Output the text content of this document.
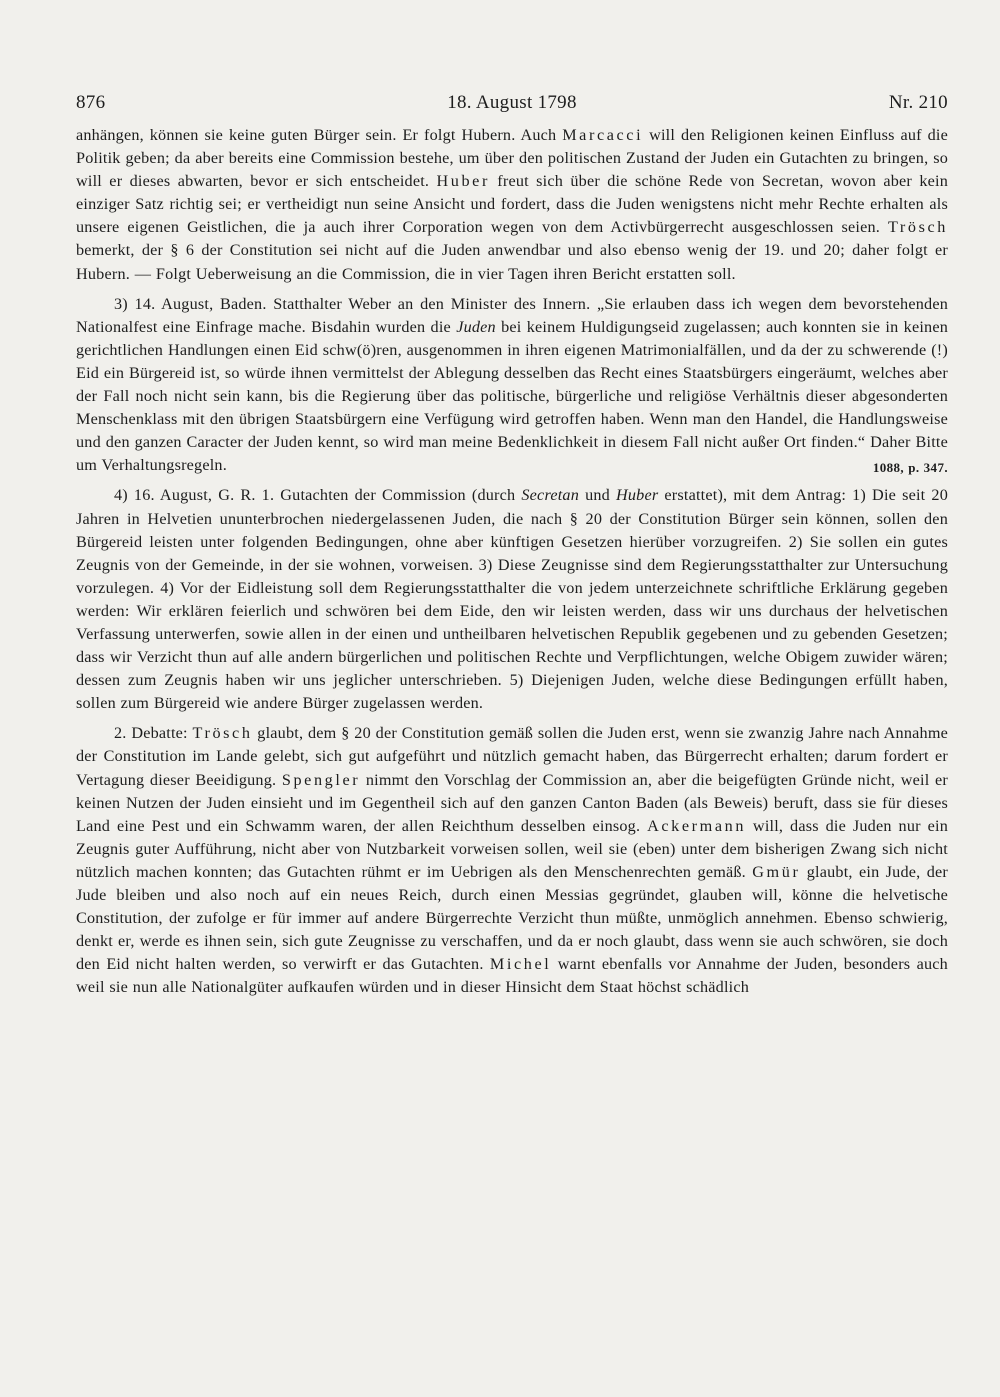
876	18. August 1798	Nr. 210

anhängen, können sie keine guten Bürger sein. Er folgt Hubern. Auch Marcacci will den Religionen keinen Einfluss auf die Politik geben; da aber bereits eine Commission bestehe, um über den politischen Zustand der Juden ein Gutachten zu bringen, so will er dieses abwarten, bevor er sich entscheidet. Huber freut sich über die schöne Rede von Secretan, wovon aber kein einziger Satz richtig sei; er vertheidigt nun seine Ansicht und fordert, dass die Juden wenigstens nicht mehr Rechte erhalten als unsere eigenen Geistlichen, die ja auch ihrer Corporation wegen von dem Activbürgerrecht ausgeschlossen seien. Trösch bemerkt, der § 6 der Constitution sei nicht auf die Juden anwendbar und also ebenso wenig der 19. und 20; daher folgt er Hubern. — Folgt Ueberweisung an die Commission, die in vier Tagen ihren Bericht erstatten soll.

3) 14. August, Baden. Statthalter Weber an den Minister des Innern. „Sie erlauben dass ich wegen dem bevorstehenden Nationalfest eine Einfrage mache. Bisdahin wurden die Juden bei keinem Huldigungseid zugelassen; auch konnten sie in keinen gerichtlichen Handlungen einen Eid schw(ö)ren, ausgenommen in ihren eigenen Matrimonialfällen, und da der zu schwerende (!) Eid ein Bürgereid ist, so würde ihnen vermittelst der Ablegung desselben das Recht eines Staatsbürgers eingeräumt, welches aber der Fall noch nicht sein kann, bis die Regierung über das politische, bürgerliche und religiöse Verhältnis dieser abgesonderten Menschenklass mit den übrigen Staatsbürgern eine Verfügung wird getroffen haben. Wenn man den Handel, die Handlungsweise und den ganzen Caracter der Juden kennt, so wird man meine Bedenklichkeit in diesem Fall nicht außer Ort finden.“ Daher Bitte um Verhaltungsregeln.	1088, p. 347.

4) 16. August, G. R. 1. Gutachten der Commission (durch Secretan und Huber erstattet), mit dem Antrag: 1) Die seit 20 Jahren in Helvetien ununterbrochen niedergelassenen Juden, die nach § 20 der Constitution Bürger sein können, sollen den Bürgereid leisten unter folgenden Bedingungen, ohne aber künftigen Gesetzen hierüber vorzugreifen. 2) Sie sollen ein gutes Zeugnis von der Gemeinde, in der sie wohnen, vorweisen. 3) Diese Zeugnisse sind dem Regierungsstatthalter zur Untersuchung vorzulegen. 4) Vor der Eidleistung soll dem Regierungsstatthalter die von jedem unterzeichnete schriftliche Erklärung gegeben werden: Wir erklären feierlich und schwören bei dem Eide, den wir leisten werden, dass wir uns durchaus der helvetischen Verfassung unterwerfen, sowie allen in der einen und untheilbaren helvetischen Republik gegebenen und zu gebenden Gesetzen; dass wir Verzicht thun auf alle andern bürgerlichen und politischen Rechte und Verpflichtungen, welche Obigem zuwider wären; dessen zum Zeugnis haben wir uns jeglicher unterschrieben. 5) Diejenigen Juden, welche diese Bedingungen erfüllt haben, sollen zum Bürgereid wie andere Bürger zugelassen werden.

2. Debatte: Trösch glaubt, dem § 20 der Constitution gemäß sollen die Juden erst, wenn sie zwanzig Jahre nach Annahme der Constitution im Lande gelebt, sich gut aufgeführt und nützlich gemacht haben, das Bürgerrecht erhalten; darum fordert er Vertagung dieser Beeidigung. Spengler nimmt den Vorschlag der Commission an, aber die beigefügten Gründe nicht, weil er keinen Nutzen der Juden einsieht und im Gegentheil sich auf den ganzen Canton Baden (als Beweis) beruft, dass sie für dieses Land eine Pest und ein Schwamm waren, der allen Reichthum desselben einsog. Ackermann will, dass die Juden nur ein Zeugnis guter Aufführung, nicht aber von Nutzbarkeit vorweisen sollen, weil sie (eben) unter dem bisherigen Zwang sich nicht nützlich machen konnten; das Gutachten rühmt er im Uebrigen als den Menschenrechten gemäß. Gmür glaubt, ein Jude, der Jude bleiben und also noch auf ein neues Reich, durch einen Messias gegründet, glauben will, könne die helvetische Constitution, der zufolge er für immer auf andere Bürgerrechte Verzicht thun müßte, unmöglich annehmen. Ebenso schwierig, denkt er, werde es ihnen sein, sich gute Zeugnisse zu verschaffen, und da er noch glaubt, dass wenn sie auch schwören, sie doch den Eid nicht halten werden, so verwirft er das Gutachten. Michel warnt ebenfalls vor Annahme der Juden, besonders auch weil sie nun alle Nationalgüter aufkaufen würden und in dieser Hinsicht dem Staat höchst schädlich
